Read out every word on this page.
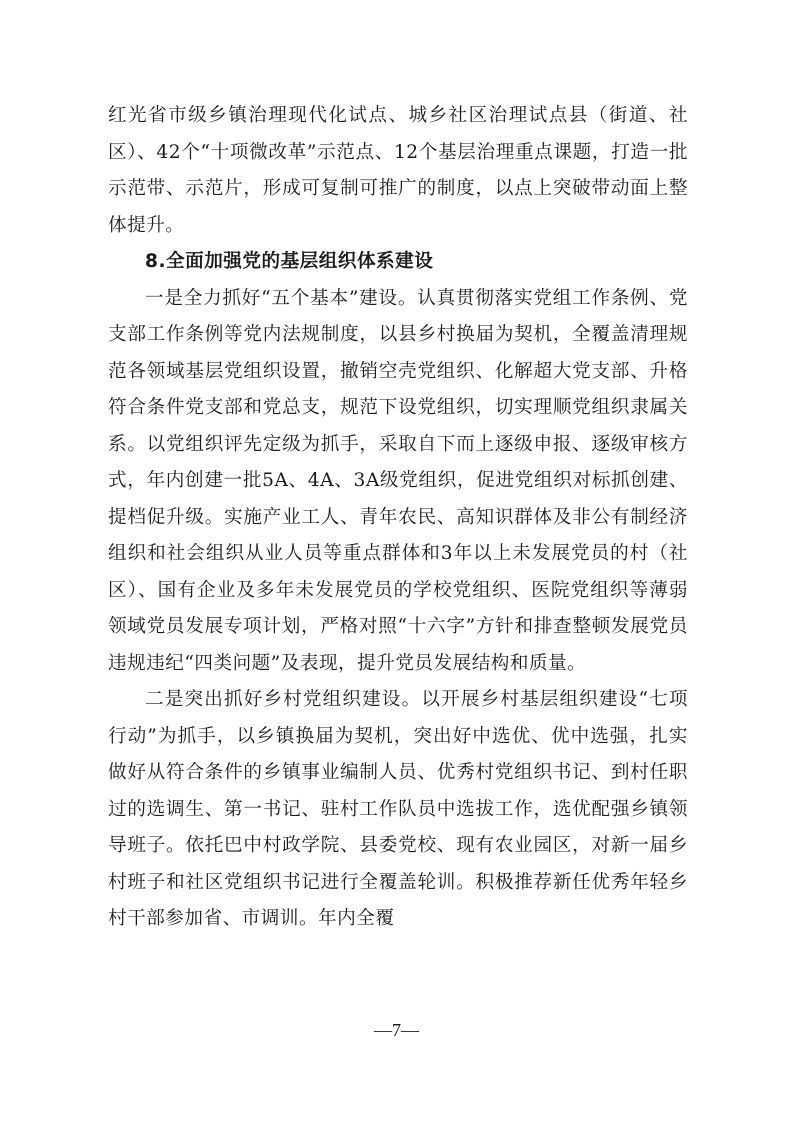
红光省市级乡镇治理现代化试点、城乡社区治理试点县（街道、社区）、42个“十项微改革”示范点、12个基层治理重点课题，打造一批示范带、示范片，形成可复制可推广的制度，以点上突破带动面上整体提升。

8.全面加强党的基层组织体系建设

一是全力抓好“五个基本”建设。认真贯彻落实党组工作条例、党支部工作条例等党内法规制度，以县乡村换届为契机，全覆盖清理规范各领域基层党组织设置，撤销空壳党组织、化解超大党支部、升格符合条件党支部和党总支，规范下设党组织，切实理顺党组织隶属关系。以党组织评先定级为抓手，采取自下而上逐级申报、逐级审核方式，年内创建一批5A、4A、3A级党组织，促进党组织对标抓创建、提档促升级。实施产业工人、青年农民、高知识群体及非公有制经济组织和社会组织从业人员等重点群体和3年以上未发展党员的村（社区）、国有企业及多年未发展党员的学校党组织、医院党组织等薄弱领域党员发展专项计划，严格对照“十六字”方针和排查整顿发展党员违规违纪“四类问题”及表现，提升党员发展结构和质量。

二是突出抓好乡村党组织建设。以开展乡村基层组织建设“七项行动”为抓手，以乡镇换届为契机，突出好中选优、优中选强，扎实做好从符合条件的乡镇事业编制人员、优秀村党组织书记、到村任职过的选调生、第一书记、驻村工作队员中选拔工作，选优配强乡镇领导班子。依托巴中村政学院、县委党校、现有农业园区，对新一届乡村班子和社区党组织书记进行全覆盖轮训。积极推荐新任优秀年轻乡村干部参加省、市调训。年内全覆

—7—
